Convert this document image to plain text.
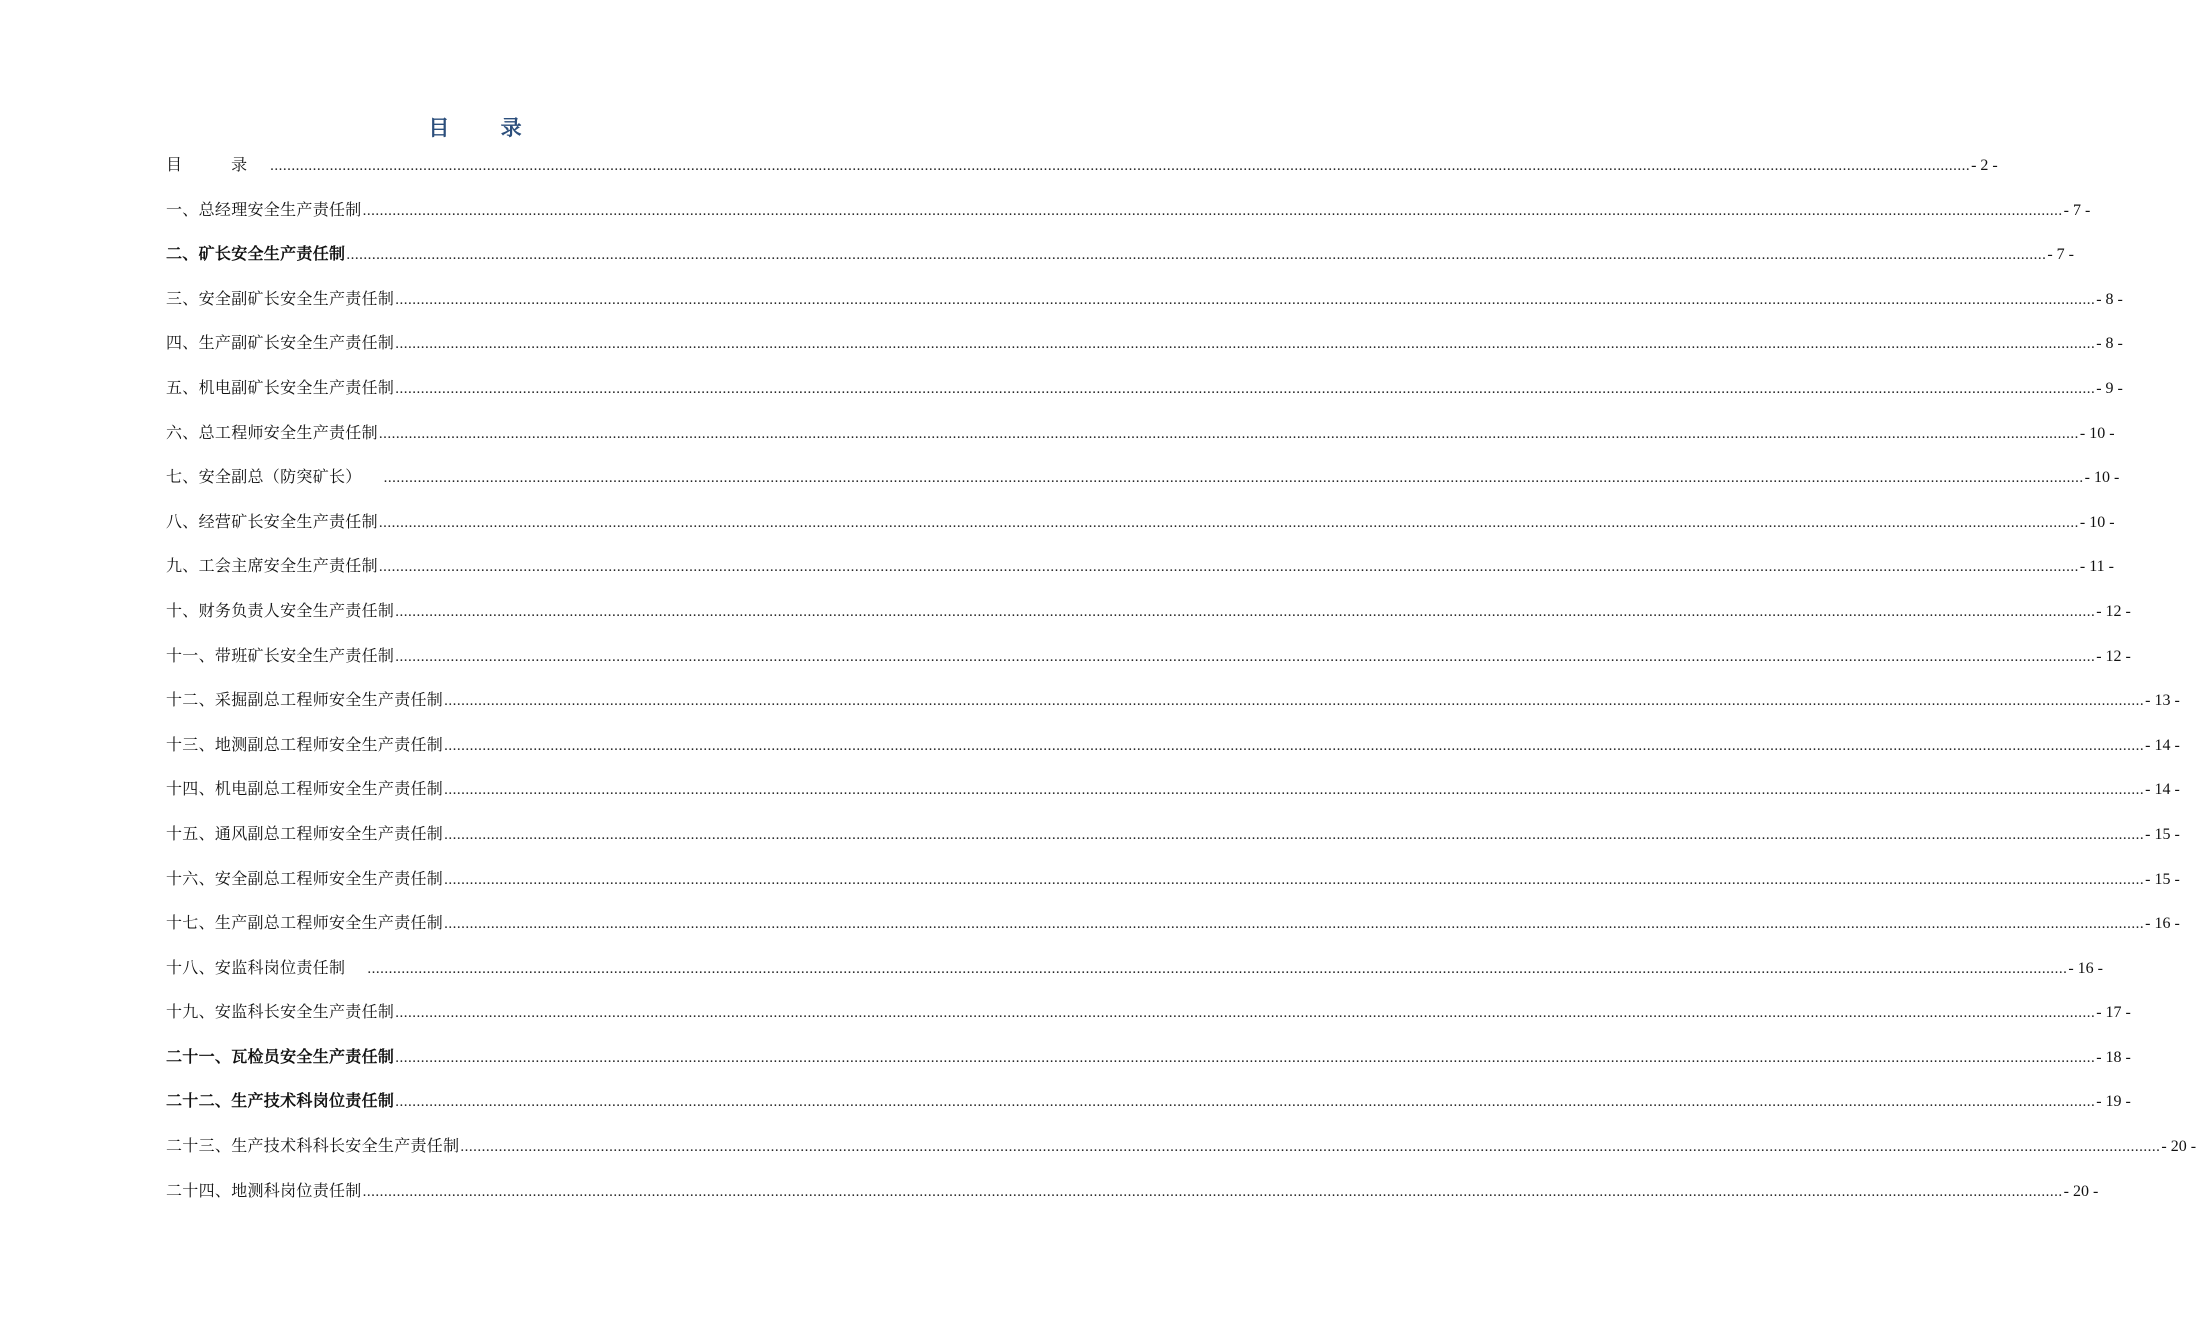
目 录
目 录 ................................................................................................................................................................................................................................................................................................................................................................................................................ - 2 -
一、总经理安全生产责任制 ................................................................................................................................................................................................................................................................................................................................................................................................................ - 7 -
二、矿长安全生产责任制 ................................................................................................................................................................................................................................................................................................................................................................................................................ - 7 -
三、安全副矿长安全生产责任制 ................................................................................................................................................................................................................................................................................................................................................................................................................ - 8 -
四、生产副矿长安全生产责任制 ................................................................................................................................................................................................................................................................................................................................................................................................................ - 8 -
五、机电副矿长安全生产责任制 ................................................................................................................................................................................................................................................................................................................................................................................................................ - 9 -
六、总工程师安全生产责任制 ................................................................................................................................................................................................................................................................................................................................................................................................................ - 10 -
七、安全副总（防突矿长） ................................................................................................................................................................................................................................................................................................................................................................................................................ - 10 -
八、经营矿长安全生产责任制 ................................................................................................................................................................................................................................................................................................................................................................................................................ - 10 -
九、工会主席安全生产责任制 ................................................................................................................................................................................................................................................................................................................................................................................................................ - 11 -
十、财务负责人安全生产责任制 ................................................................................................................................................................................................................................................................................................................................................................................................................ - 12 -
十一、带班矿长安全生产责任制 ................................................................................................................................................................................................................................................................................................................................................................................................................ - 12 -
十二、采掘副总工程师安全生产责任制 ................................................................................................................................................................................................................................................................................................................................................................................................................ - 13 -
十三、地测副总工程师安全生产责任制 ................................................................................................................................................................................................................................................................................................................................................................................................................ - 14 -
十四、机电副总工程师安全生产责任制 ................................................................................................................................................................................................................................................................................................................................................................................................................ - 14 -
十五、通风副总工程师安全生产责任制 ................................................................................................................................................................................................................................................................................................................................................................................................................ - 15 -
十六、安全副总工程师安全生产责任制 ................................................................................................................................................................................................................................................................................................................................................................................................................ - 15 -
十七、生产副总工程师安全生产责任制 ................................................................................................................................................................................................................................................................................................................................................................................................................ - 16 -
十八、安监科岗位责任制 ................................................................................................................................................................................................................................................................................................................................................................................................................ - 16 -
十九、安监科长安全生产责任制 ................................................................................................................................................................................................................................................................................................................................................................................................................ - 17 -
二十一、瓦检员安全生产责任制 ................................................................................................................................................................................................................................................................................................................................................................................................................ - 18 -
二十二、生产技术科岗位责任制 ................................................................................................................................................................................................................................................................................................................................................................................................................ - 19 -
二十三、生产技术科科长安全生产责任制 ................................................................................................................................................................................................................................................................................................................................................................................................................ - 20 -
二十四、地测科岗位责任制 ................................................................................................................................................................................................................................................................................................................................................................................................................ - 20 -
